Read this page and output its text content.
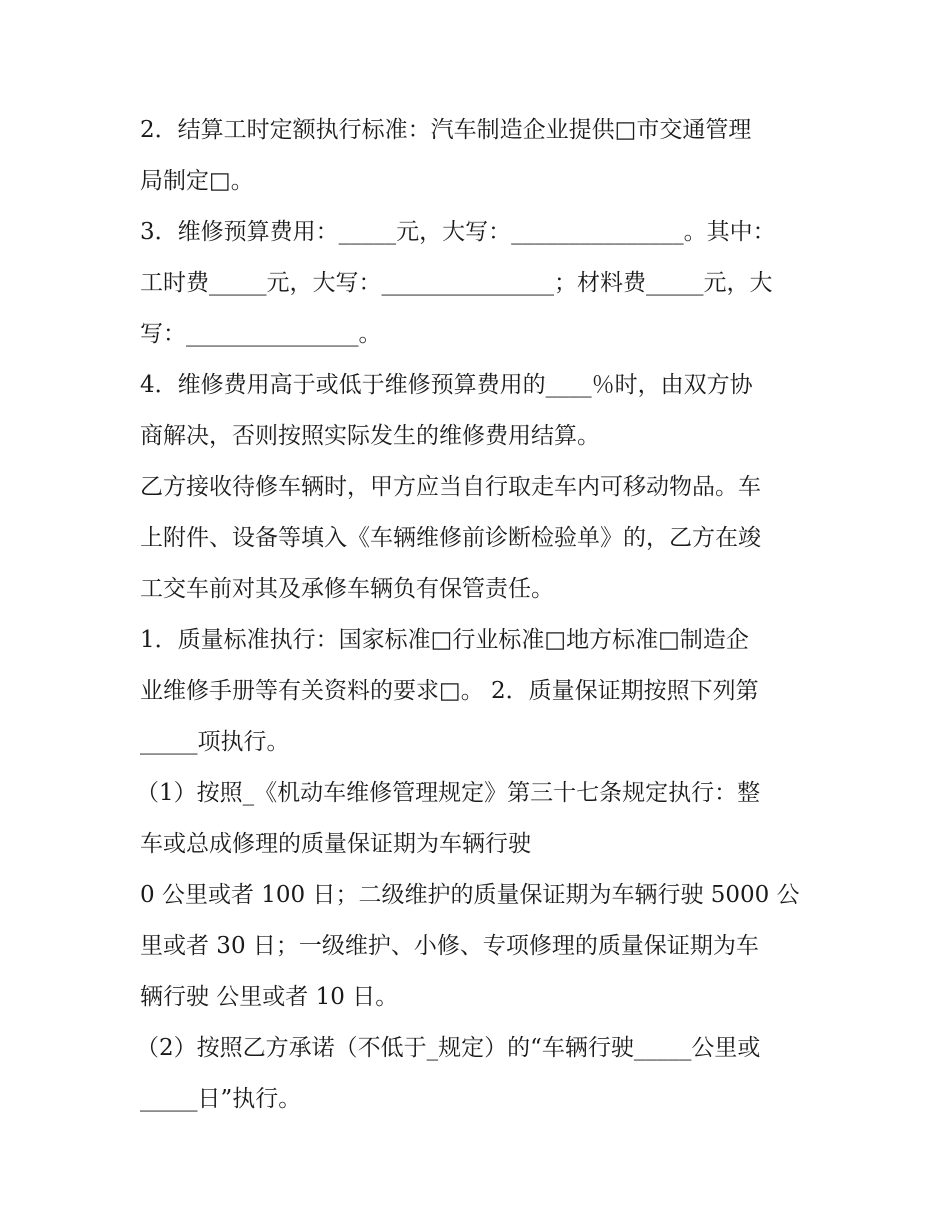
2．结算工时定额执行标准：汽车制造企业提供□市交通管理
局制定□。
3．维修预算费用：_____元，大写：_______________。其中：
工时费_____元，大写：_______________；材料费_____元，大
写：_______________。
4．维修费用高于或低于维修预算费用的____％时，由双方协
商解决，否则按照实际发生的维修费用结算。
乙方接收待修车辆时，甲方应当自行取走车内可移动物品。车
上附件、设备等填入《车辆维修前诊断检验单》的，乙方在竣
工交车前对其及承修车辆负有保管责任。
1．质量标准执行：国家标准□行业标准□地方标准□制造企
业维修手册等有关资料的要求□。 2．质量保证期按照下列第
_____项执行。
（1）按照_《机动车维修管理规定》第三十七条规定执行：整
车或总成修理的质量保证期为车辆行驶
0 公里或者 100 日；二级维护的质量保证期为车辆行驶 5000 公
里或者 30 日；一级维护、小修、专项修理的质量保证期为车
辆行驶 公里或者 10 日。
（2）按照乙方承诺（不低于_规定）的“车辆行驶_____公里或
_____日”执行。
